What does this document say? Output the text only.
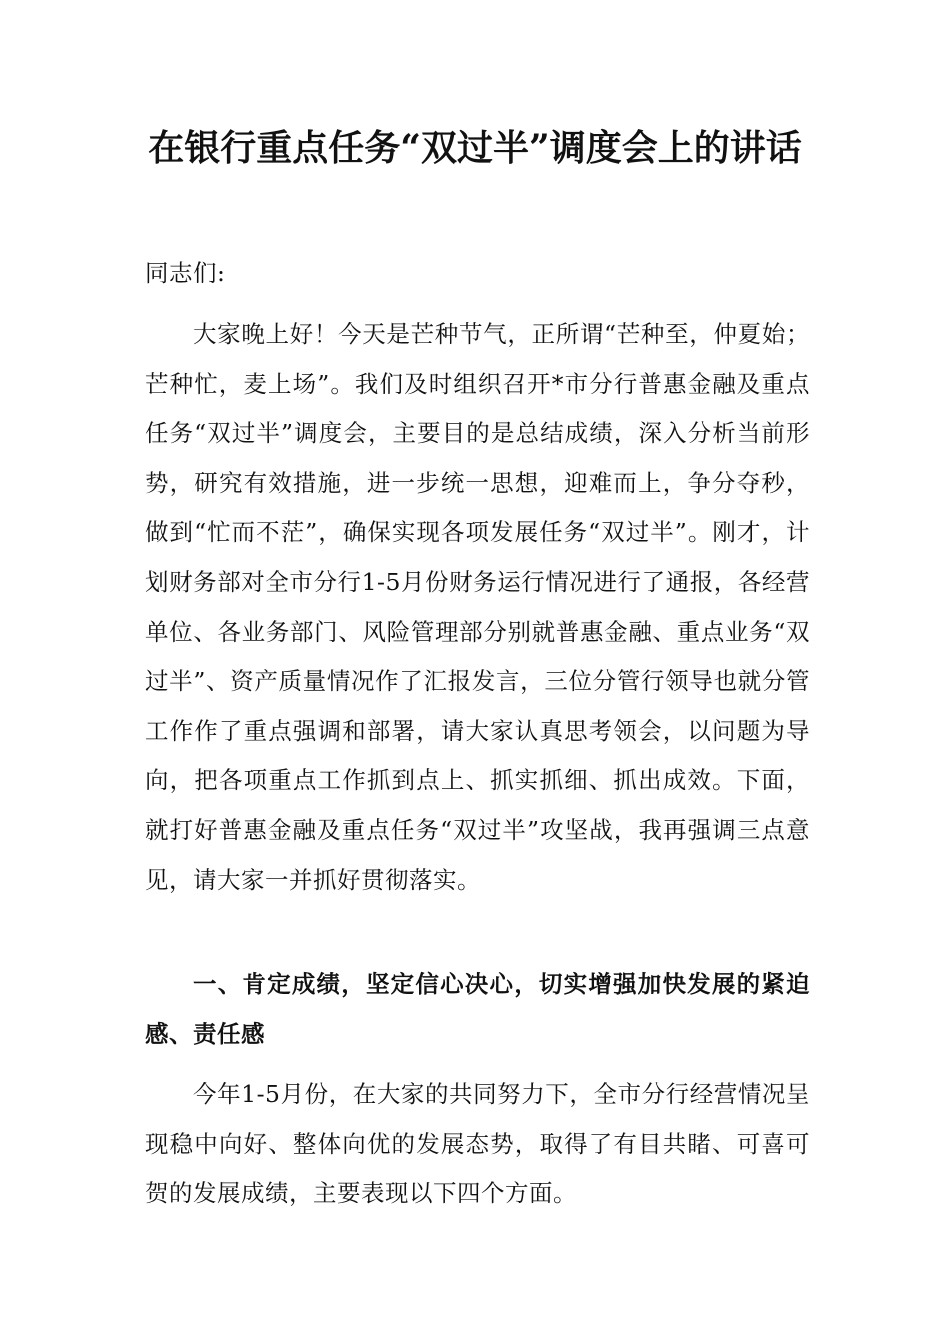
在银行重点任务“双过半”调度会上的讲话

同志们:

大家晚上好！今天是芒种节气，正所谓“芒种至，仲夏始；芒种忙，麦上场”。我们及时组织召开*市分行普惠金融及重点任务“双过半”调度会，主要目的是总结成绩，深入分析当前形势，研究有效措施，进一步统一思想，迎难而上，争分夺秒，做到“忙而不茫”，确保实现各项发展任务“双过半”。刚才，计划财务部对全市分行1-5月份财务运行情况进行了通报，各经营单位、各业务部门、风险管理部分别就普惠金融、重点业务“双过半”、资产质量情况作了汇报发言，三位分管行领导也就分管工作作了重点强调和部署，请大家认真思考领会，以问题为导向，把各项重点工作抓到点上、抓实抓细、抓出成效。下面，就打好普惠金融及重点任务“双过半”攻坚战，我再强调三点意见，请大家一并抓好贯彻落实。

一、肯定成绩，坚定信心决心，切实增强加快发展的紧迫感、责任感

今年1-5月份，在大家的共同努力下，全市分行经营情况呈现稳中向好、整体向优的发展态势，取得了有目共睹、可喜可贺的发展成绩，主要表现以下四个方面。
